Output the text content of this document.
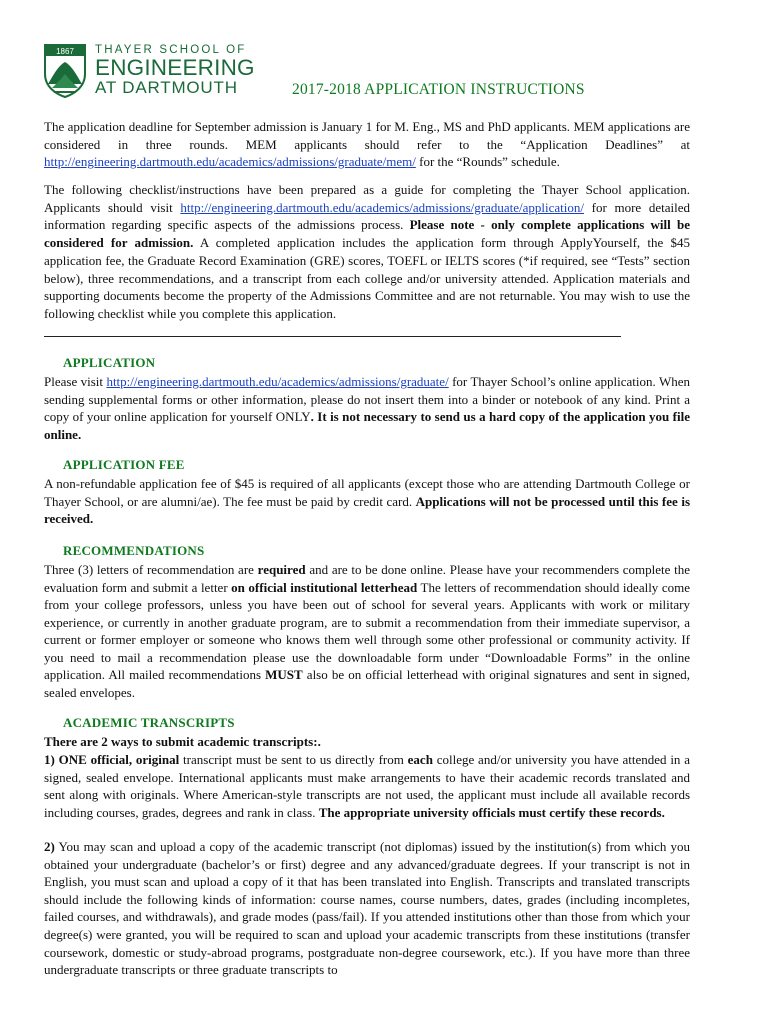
1867 THAYER SCHOOL OF
ENGINEERING
AT DARTMOUTH	2017-2018 APPLICATION INSTRUCTIONS

The application deadline for September admission is January 1 for M. Eng., MS and PhD applicants. MEM applications are considered in three rounds. MEM applicants should refer to the “Application Deadlines” at http://engineering.dartmouth.edu/academics/admissions/graduate/mem/ for the “Rounds” schedule.

The following checklist/instructions have been prepared as a guide for completing the Thayer School application. Applicants should visit http://engineering.dartmouth.edu/academics/admissions/graduate/application/ for more detailed information regarding specific aspects of the admissions process. Please note - only complete applications will be considered for admission. A completed application includes the application form through ApplyYourself, the $45 application fee, the Graduate Record Examination (GRE) scores, TOEFL or IELTS scores (*if required, see “Tests” section below), three recommendations, and a transcript from each college and/or university attended. Application materials and supporting documents become the property of the Admissions Committee and are not returnable. You may wish to use the following checklist while you complete this application.

APPLICATION

Please visit http://engineering.dartmouth.edu/academics/admissions/graduate/ for Thayer School’s online application. When sending supplemental forms or other information, please do not insert them into a binder or notebook of any kind. Print a copy of your online application for yourself ONLY. It is not necessary to send us a hard copy of the application you file online.

APPLICATION FEE

A non-refundable application fee of $45 is required of all applicants (except those who are attending Dartmouth College or Thayer School, or are alumni/ae). The fee must be paid by credit card. Applications will not be processed until this fee is received.

RECOMMENDATIONS

Three (3) letters of recommendation are required and are to be done online. Please have your recommenders complete the evaluation form and submit a letter on official institutional letterhead The letters of recommendation should ideally come from your college professors, unless you have been out of school for several years. Applicants with work or military experience, or currently in another graduate program, are to submit a recommendation from their immediate supervisor, a current or former employer or someone who knows them well through some other professional or community activity. If you need to mail a recommendation please use the downloadable form under “Downloadable Forms” in the online application. All mailed recommendations MUST also be on official letterhead with original signatures and sent in signed, sealed envelopes.

ACADEMIC TRANSCRIPTS

There are 2 ways to submit academic transcripts:.

1) ONE official, original transcript must be sent to us directly from each college and/or university you have attended in a signed, sealed envelope. International applicants must make arrangements to have their academic records translated and sent along with originals. Where American-style transcripts are not used, the applicant must include all available records including courses, grades, degrees and rank in class. The appropriate university officials must certify these records.

2) You may scan and upload a copy of the academic transcript (not diplomas) issued by the institution(s) from which you obtained your undergraduate (bachelor’s or first) degree and any advanced/graduate degrees. If your transcript is not in English, you must scan and upload a copy of it that has been translated into English. Transcripts and translated transcripts should include the following kinds of information: course names, course numbers, dates, grades (including incompletes, failed courses, and withdrawals), and grade modes (pass/fail). If you attended institutions other than those from which your degree(s) were granted, you will be required to scan and upload your academic transcripts from these institutions (transfer coursework, domestic or study-abroad programs, postgraduate non-degree coursework, etc.). If you have more than three undergraduate transcripts or three graduate transcripts to
